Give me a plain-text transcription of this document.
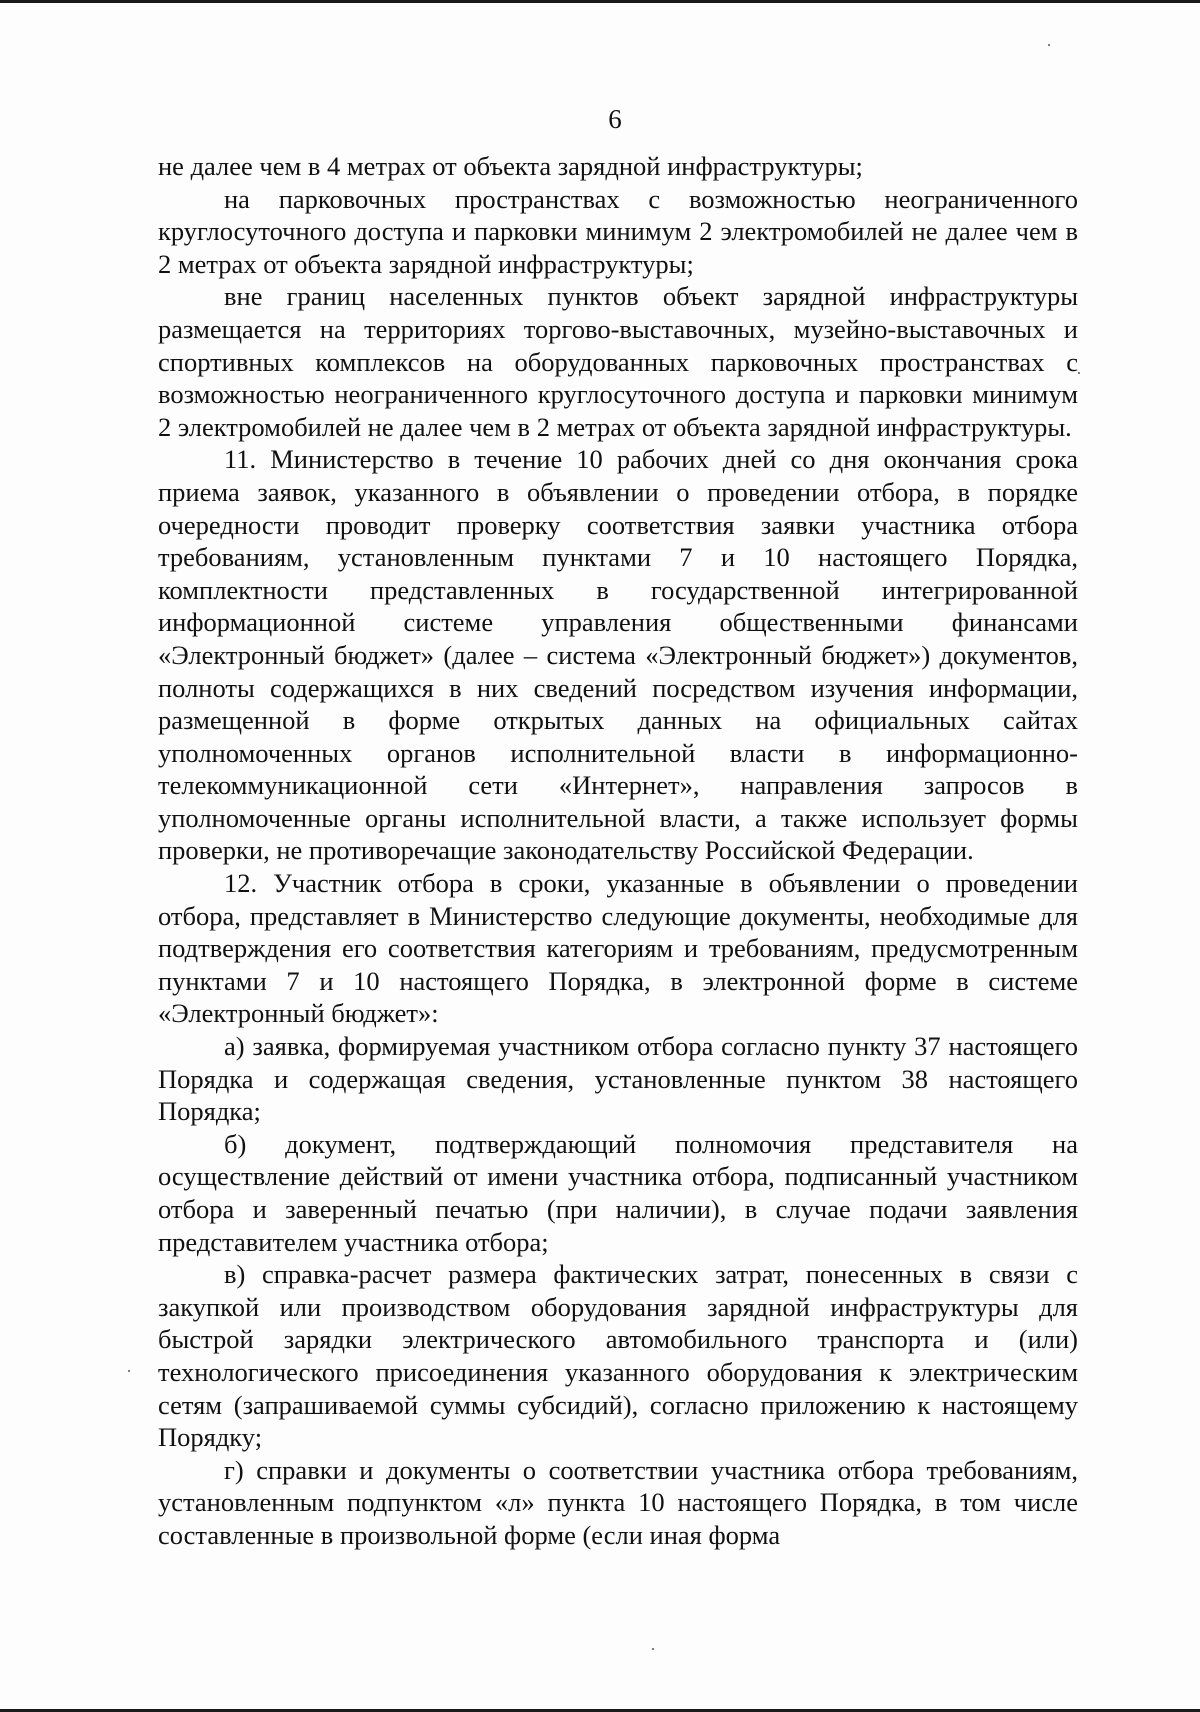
6

не далее чем в 4 метрах от объекта зарядной инфраструктуры;

на парковочных пространствах с возможностью неограниченного круглосуточного доступа и парковки минимум 2 электромобилей не далее чем в 2 метрах от объекта зарядной инфраструктуры;

вне границ населенных пунктов объект зарядной инфраструктуры размещается на территориях торгово-выставочных, музейно-выставочных и спортивных комплексов на оборудованных парковочных пространствах с возможностью неограниченного круглосуточного доступа и парковки минимум 2 электромобилей не далее чем в 2 метрах от объекта зарядной инфраструктуры.

11. Министерство в течение 10 рабочих дней со дня окончания срока приема заявок, указанного в объявлении о проведении отбора, в порядке очередности проводит проверку соответствия заявки участника отбора требованиям, установленным пунктами 7 и 10 настоящего Порядка, комплектности представленных в государственной интегрированной информационной системе управления общественными финансами «Электронный бюджет» (далее – система «Электронный бюджет») документов, полноты содержащихся в них сведений посредством изучения информации, размещенной в форме открытых данных на официальных сайтах уполномоченных органов исполнительной власти в информационно-телекоммуникационной сети «Интернет», направления запросов в уполномоченные органы исполнительной власти, а также использует формы проверки, не противоречащие законодательству Российской Федерации.

12. Участник отбора в сроки, указанные в объявлении о проведении отбора, представляет в Министерство следующие документы, необходимые для подтверждения его соответствия категориям и требованиям, предусмотренным пунктами 7 и 10 настоящего Порядка, в электронной форме в системе «Электронный бюджет»:

а) заявка, формируемая участником отбора согласно пункту 37 настоящего Порядка и содержащая сведения, установленные пунктом 38 настоящего Порядка;

б) документ, подтверждающий полномочия представителя на осуществление действий от имени участника отбора, подписанный участником отбора и заверенный печатью (при наличии), в случае подачи заявления представителем участника отбора;

в) справка-расчет размера фактических затрат, понесенных в связи с закупкой или производством оборудования зарядной инфраструктуры для быстрой зарядки электрического автомобильного транспорта и (или) технологического присоединения указанного оборудования к электрическим сетям (запрашиваемой суммы субсидий), согласно приложению к настоящему Порядку;

г) справки и документы о соответствии участника отбора требованиям, установленным подпунктом «л» пункта 10 настоящего Порядка, в том числе составленные в произвольной форме (если иная форма
